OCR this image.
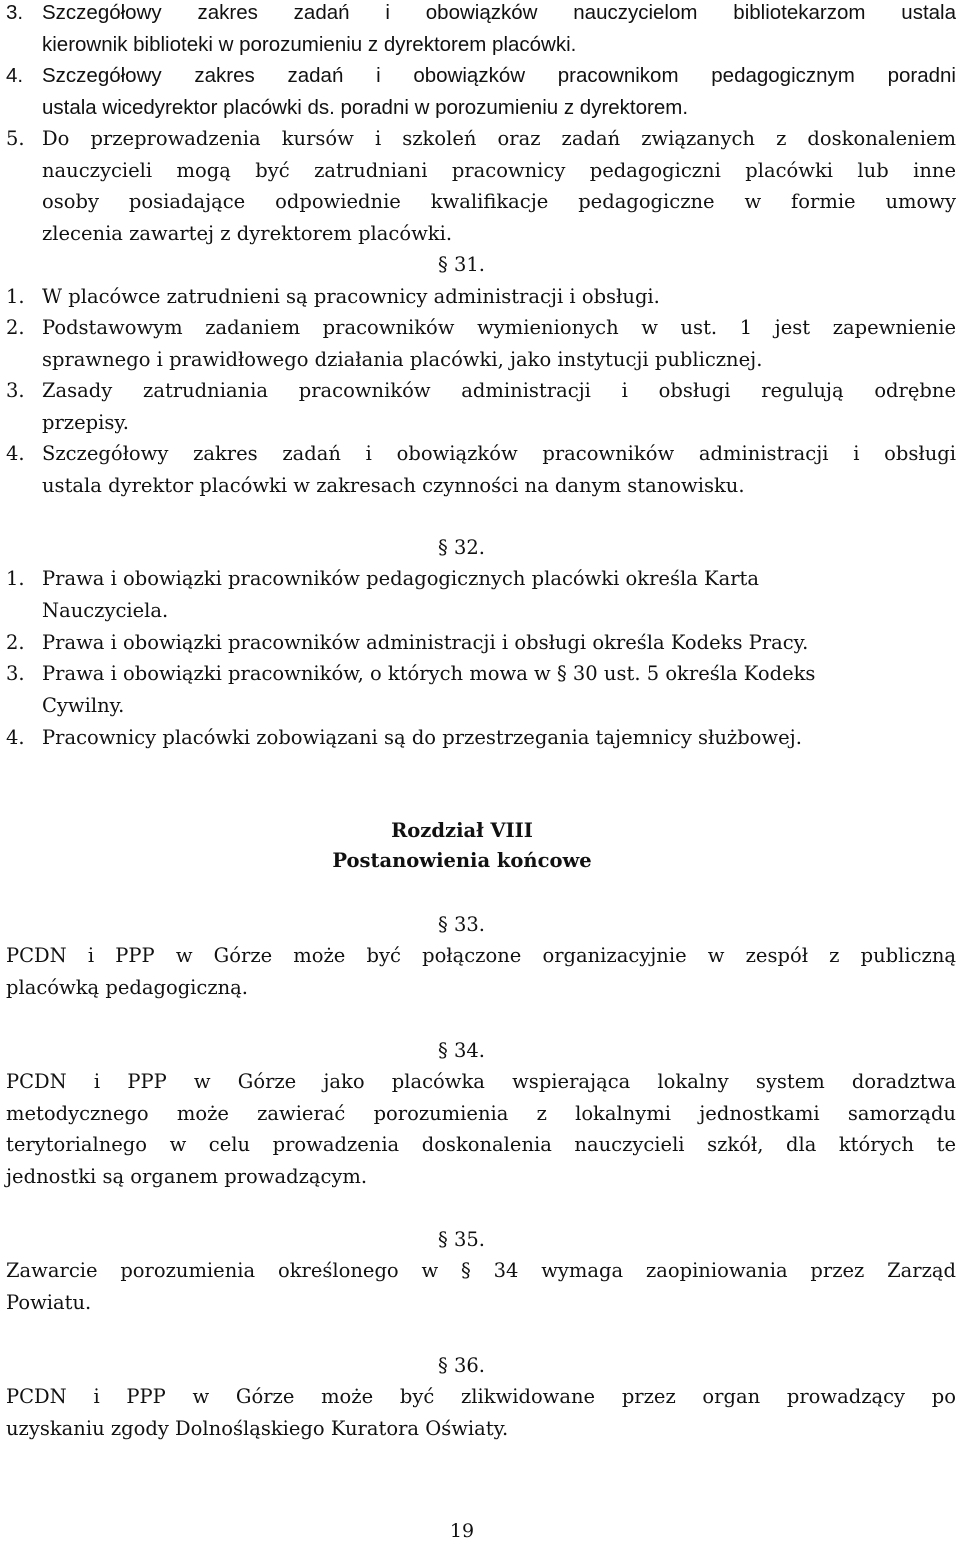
3. Szczegółowy zakres zadań i obowiązków nauczycielom bibliotekarzom ustala
kierownik biblioteki w porozumieniu z dyrektorem placówki.
4. Szczegółowy zakres zadań i obowiązków pracownikom pedagogicznym poradni
ustala wicedyrektor placówki ds. poradni w porozumieniu z dyrektorem.
5. Do przeprowadzenia kursów i szkoleń oraz zadań związanych z doskonaleniem
nauczycieli mogą być zatrudniani pracownicy pedagogiczni placówki lub inne
osoby posiadające odpowiednie kwalifikacje pedagogiczne w formie umowy
zlecenia zawartej z dyrektorem placówki.
§ 31.
1. W placówce zatrudnieni są pracownicy administracji i obsługi.
2. Podstawowym zadaniem pracowników wymienionych w ust. 1 jest zapewnienie
sprawnego i prawidłowego działania placówki, jako instytucji publicznej.
3. Zasady zatrudniania pracowników administracji i obsługi regulują odrębne
przepisy.
4. Szczegółowy zakres zadań i obowiązków pracowników administracji i obsługi
ustala dyrektor placówki w zakresach czynności na danym stanowisku.
§ 32.
1. Prawa i obowiązki pracowników pedagogicznych placówki określa Karta
Nauczyciela.
2. Prawa i obowiązki pracowników administracji i obsługi określa Kodeks Pracy.
3. Prawa i obowiązki pracowników, o których mowa w § 30 ust. 5 określa Kodeks
Cywilny.
4. Pracownicy placówki zobowiązani są do przestrzegania tajemnicy służbowej.
Rozdział VIII
Postanowienia końcowe
§ 33.
PCDN i PPP w Górze może być połączone organizacyjnie w zespół z publiczną
placówką pedagogiczną.
§ 34.
PCDN i PPP w Górze jako placówka wspierająca lokalny system doradztwa
metodycznego może zawierać porozumienia z lokalnymi jednostkami samorządu
terytorialnego w celu prowadzenia doskonalenia nauczycieli szkół, dla których te
jednostki są organem prowadzącym.
§ 35.
Zawarcie porozumienia określonego w § 34 wymaga zaopiniowania przez Zarząd
Powiatu.
§ 36.
PCDN i PPP w Górze może być zlikwidowane przez organ prowadzący po
uzyskaniu zgody Dolnośląskiego Kuratora Oświaty.
19
